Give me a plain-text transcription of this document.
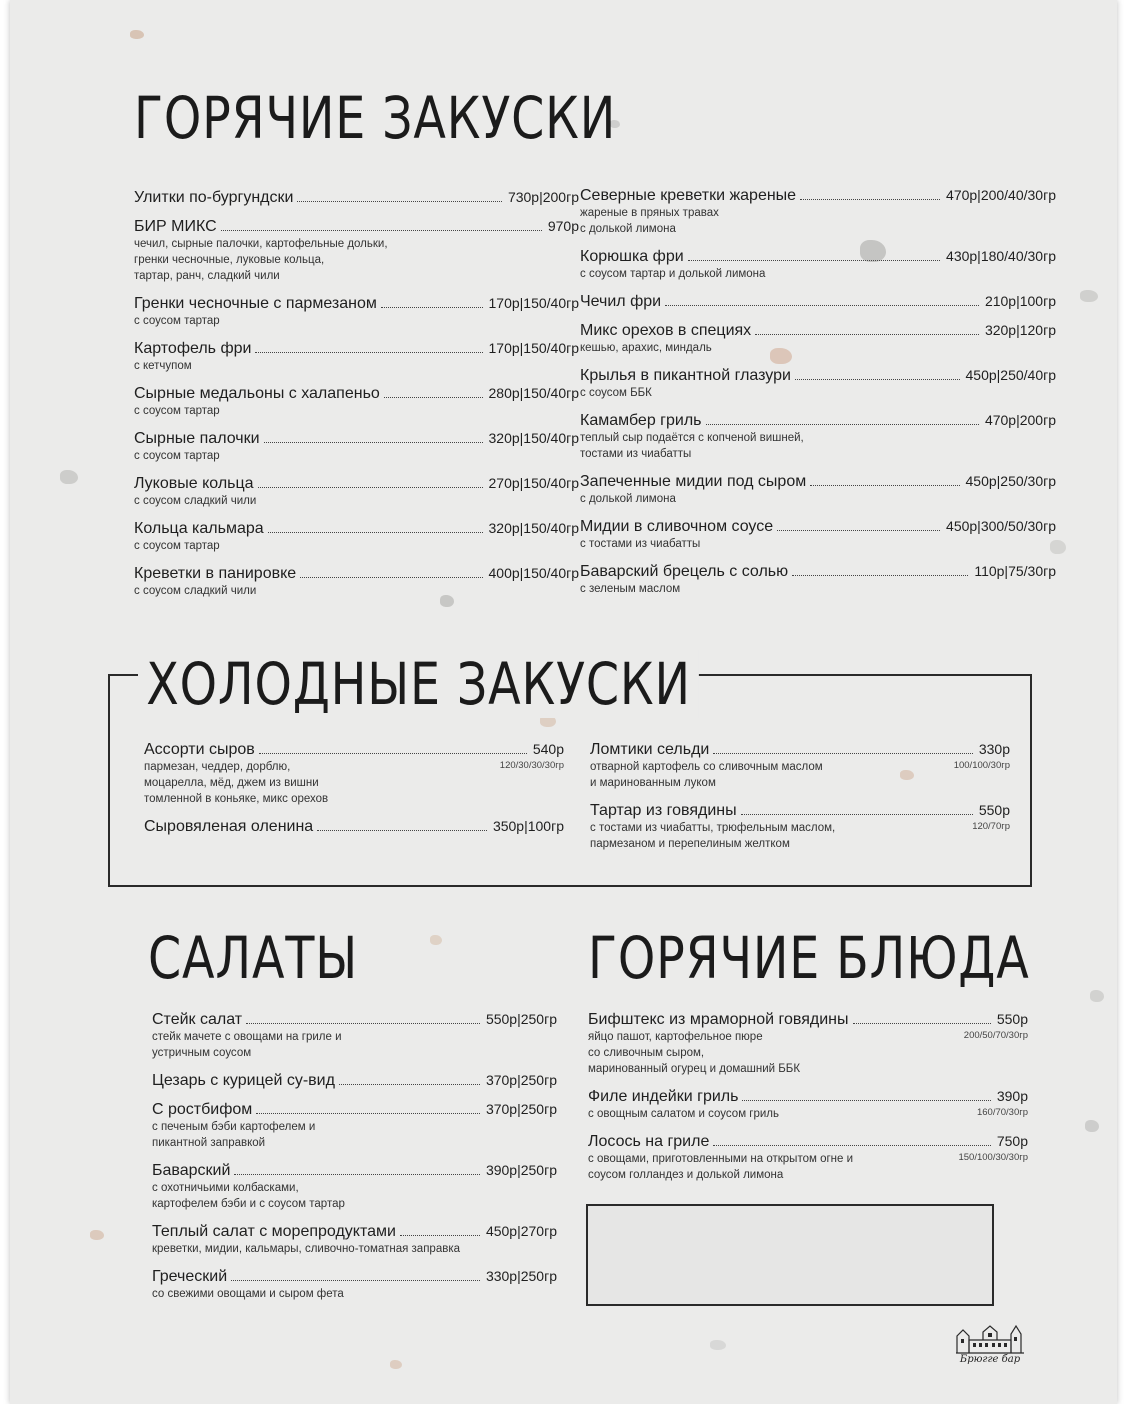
ГОРЯЧИЕ ЗАКУСКИ
Улитки по-бургундски	730р|200гр
БИР МИКС	970р
чечил, сырные палочки, картофельные дольки,
гренки чесночные, луковые кольца,
тартар, ранч, сладкий чили
Гренки чесночные с пармезаном	170р|150/40гр
с соусом тартар
Картофель фри	170р|150/40гр
с кетчупом
Сырные медальоны с халапеньо	280р|150/40гр
с соусом тартар
Сырные палочки	320р|150/40гр
с соусом тартар
Луковые кольца	270р|150/40гр
с соусом сладкий чили
Кольца кальмара	320р|150/40гр
с соусом тартар
Креветки в панировке	400р|150/40гр
с соусом сладкий чили
Северные креветки жареные	470р|200/40/30гр
жареные в пряных травах
с долькой лимона
Корюшка фри	430р|180/40/30гр
с соусом тартар и долькой лимона
Чечил фри	210р|100гр
Микс орехов в специях	320р|120гр
кешью, арахис, миндаль
Крылья в пикантной глазури	450р|250/40гр
с соусом ББК
Камамбер гриль	470р|200гр
теплый сыр подаётся с копченой вишней,
тостами из чиабатты
Запеченные мидии под сыром	450р|250/30гр
с долькой лимона
Мидии в сливочном соусе	450р|300/50/30гр
с тостами из чиабатты
Баварский брецель с солью	110р|75/30гр
с зеленым маслом
ХОЛОДНЫЕ ЗАКУСКИ
Ассорти сыров	540р
120/30/30/30гр
пармезан, чеддер, дорблю,
моцарелла, мёд, джем из вишни
томленной в коньяке, микс орехов
Сыровяленая оленина	350р|100гр
Ломтики сельди	330р
100/100/30гр
отварной картофель со сливочным маслом
и маринованным луком
Тартар из говядины	550р
120/70гр
с тостами из чиабатты, трюфельным маслом,
пармезаном и перепелиным желтком
САЛАТЫ
Стейк салат	550р|250гр
стейк мачете с овощами на гриле и
устричным соусом
Цезарь с курицей су-вид	370р|250гр
С ростбифом	370р|250гр
с печеным бэби картофелем и
пикантной заправкой
Баварский	390р|250гр
с охотничьими колбасками,
картофелем бэби и с соусом тартар
Теплый салат с морепродуктами	450р|270гр
креветки, мидии, кальмары, сливочно-томатная заправка
Греческий	330р|250гр
со свежими овощами и сыром фета
ГОРЯЧИЕ БЛЮДА
Бифштекс из мраморной говядины	550р
200/50/70/30гр
яйцо пашот, картофельное пюре
со сливочным сыром,
маринованный огурец и домашний ББК
Филе индейки гриль	390р
160/70/30гр
с овощным салатом и соусом гриль
Лосось на гриле	750р
150/100/30/30гр
с овощами, приготовленными на открытом огне и
соусом голландез и долькой лимона
Брюгге бар
